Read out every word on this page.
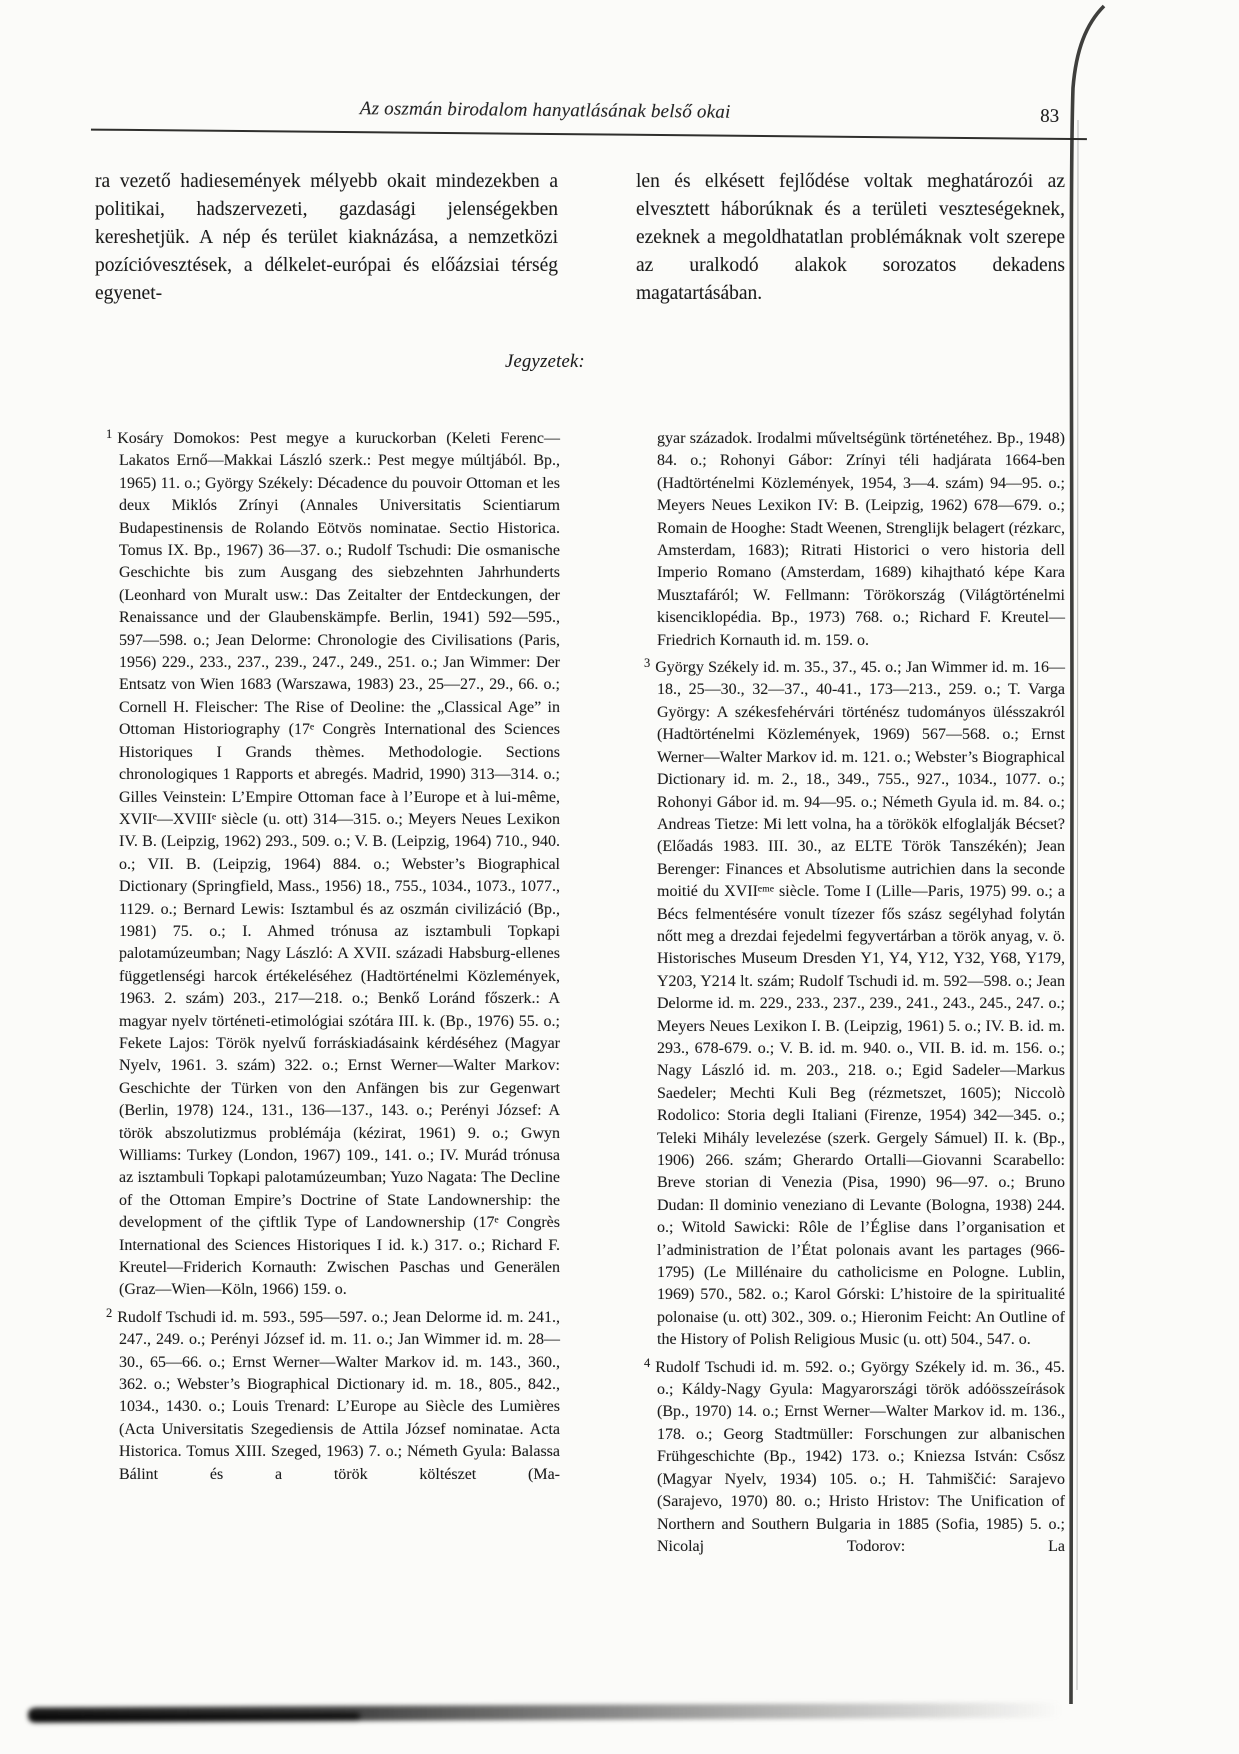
Az oszmán birodalom hanyatlásának belső okai	83

ra vezető hadiesemények mélyebb okait mindezekben a politikai, hadszervezeti, gazdasági jelenségekben kereshetjük. A nép és terület kiaknázása, a nemzetközi pozícióvesztések, a délkelet-európai és előázsiai térség egyenet-

len és elkésett fejlődése voltak meghatározói az elvesztett háborúknak és a területi veszteségeknek, ezeknek a megoldhatatlan problémáknak volt szerepe az uralkodó alakok sorozatos dekadens magatartásában.

Jegyzetek:

$^1$ Kosáry Domokos: Pest megye a kuruckorban (Keleti Ferenc—Lakatos Ernő—Makkai László szerk.: Pest megye múltjából. Bp., 1965) 11. o.; György Székely: Décadence du pouvoir Ottoman et les deux Miklós Zrínyi (Annales Universitatis Scientiarum Budapestinensis de Rolando Eötvös nominatae. Sectio Historica. Tomus IX. Bp., 1967) 36—37. o.; Rudolf Tschudi: Die osmanische Geschichte bis zum Ausgang des siebzehnten Jahrhunderts (Leonhard von Muralt usw.: Das Zeitalter der Entdeckungen, der Renaissance und der Glaubenskämpfe. Berlin, 1941) 592—595., 597—598. o.; Jean Delorme: Chronologie des Civilisations (Paris, 1956) 229., 233., 237., 239., 247., 249., 251. o.; Jan Wimmer: Der Entsatz von Wien 1683 (Warszawa, 1983) 23., 25—27., 29., 66. o.; Cornell H. Fleischer: The Rise of Deoline: the „Classical Age” in Ottoman Historiography (17ᵉ Congrès International des Sciences Historiques I Grands thèmes. Methodologie. Sections chronologiques 1 Rapports et abregés. Madrid, 1990) 313—314. o.; Gilles Veinstein: L’Empire Ottoman face à l’Europe et à lui-même, XVIIᵉ—XVIIIᵉ siècle (u. ott) 314—315. o.; Meyers Neues Lexikon IV. B. (Leipzig, 1962) 293., 509. o.; V. B. (Leipzig, 1964) 710., 940. o.; VII. B. (Leipzig, 1964) 884. o.; Webster’s Biographical Dictionary (Springfield, Mass., 1956) 18., 755., 1034., 1073., 1077., 1129. o.; Bernard Lewis: Isztambul és az oszmán civilizáció (Bp., 1981) 75. o.; I. Ahmed trónusa az isztambuli Topkapi palotamúzeumban; Nagy László: A XVII. századi Habsburg-ellenes függetlenségi harcok értékeléséhez (Hadtörténelmi Közlemények, 1963. 2. szám) 203., 217—218. o.; Benkő Loránd főszerk.: A magyar nyelv történeti-etimológiai szótára III. k. (Bp., 1976) 55. o.; Fekete Lajos: Török nyelvű forráskiadásaink kérdéséhez (Magyar Nyelv, 1961. 3. szám) 322. o.; Ernst Werner—Walter Markov: Geschichte der Türken von den Anfängen bis zur Gegenwart (Berlin, 1978) 124., 131., 136—137., 143. o.; Perényi József: A török abszolutizmus problémája (kézirat, 1961) 9. o.; Gwyn Williams: Turkey (London, 1967) 109., 141. o.; IV. Murád trónusa az isztambuli Topkapi palotamúzeumban; Yuzo Nagata: The Decline of the Ottoman Empire’s Doctrine of State Landownership: the development of the çiftlik Type of Landownership (17ᵉ Congrès International des Sciences Historiques I id. k.) 317. o.; Richard F. Kreutel—Friderich Kornauth: Zwischen Paschas und Generälen (Graz—Wien—Köln, 1966) 159. o.

$^2$ Rudolf Tschudi id. m. 593., 595—597. o.; Jean Delorme id. m. 241., 247., 249. o.; Perényi József id. m. 11. o.; Jan Wimmer id. m. 28—30., 65—66. o.; Ernst Werner—Walter Markov id. m. 143., 360., 362. o.; Webster’s Biographical Dictionary id. m. 18., 805., 842., 1034., 1430. o.; Louis Trenard: L’Europe au Siècle des Lumières (Acta Universitatis Szegediensis de Attila József nominatae. Acta Historica. Tomus XIII. Szeged, 1963) 7. o.; Németh Gyula: Balassa Bálint és a török költészet (Ma-

gyar századok. Irodalmi műveltségünk történetéhez. Bp., 1948) 84. o.; Rohonyi Gábor: Zrínyi téli hadjárata 1664-ben (Hadtörténelmi Közlemények, 1954, 3—4. szám) 94—95. o.; Meyers Neues Lexikon IV: B. (Leipzig, 1962) 678—679. o.; Romain de Hooghe: Stadt Weenen, Strenglijk belagert (rézkarc, Amsterdam, 1683); Ritrati Historici o vero historia dell Imperio Romano (Amsterdam, 1689) kihajtható képe Kara Musztafáról; W. Fellmann: Törökország (Világtörténelmi kisenciklopédia. Bp., 1973) 768. o.; Richard F. Kreutel—Friedrich Kornauth id. m. 159. o.

$^3$ György Székely id. m. 35., 37., 45. o.; Jan Wimmer id. m. 16—18., 25—30., 32—37., 40-41., 173—213., 259. o.; T. Varga György: A székesfehérvári történész tudományos ülésszakról (Hadtörténelmi Közlemények, 1969) 567—568. o.; Ernst Werner—Walter Markov id. m. 121. o.; Webster’s Biographical Dictionary id. m. 2., 18., 349., 755., 927., 1034., 1077. o.; Rohonyi Gábor id. m. 94—95. o.; Németh Gyula id. m. 84. o.; Andreas Tietze: Mi lett volna, ha a törökök elfoglalják Bécset? (Előadás 1983. III. 30., az ELTE Török Tanszékén); Jean Berenger: Finances et Absolutisme autrichien dans la seconde moitié du XVIIᵉᵐᵉ siècle. Tome I (Lille—Paris, 1975) 99. o.; a Bécs felmentésére vonult tízezer fős szász segélyhad folytán nőtt meg a drezdai fejedelmi fegyvertárban a török anyag, v. ö. Historisches Museum Dresden Y1, Y4, Y12, Y32, Y68, Y179, Y203, Y214 lt. szám; Rudolf Tschudi id. m. 592—598. o.; Jean Delorme id. m. 229., 233., 237., 239., 241., 243., 245., 247. o.; Meyers Neues Lexikon I. B. (Leipzig, 1961) 5. o.; IV. B. id. m. 293., 678-679. o.; V. B. id. m. 940. o., VII. B. id. m. 156. o.; Nagy László id. m. 203., 218. o.; Egid Sadeler—Markus Saedeler; Mechti Kuli Beg (rézmetszet, 1605); Niccolò Rodolico: Storia degli Italiani (Firenze, 1954) 342—345. o.; Teleki Mihály levelezése (szerk. Gergely Sámuel) II. k. (Bp., 1906) 266. szám; Gherardo Ortalli—Giovanni Scarabello: Breve storian di Venezia (Pisa, 1990) 96—97. o.; Bruno Dudan: Il dominio veneziano di Levante (Bologna, 1938) 244. o.; Witold Sawicki: Rôle de l’Église dans l’organisation et l’administration de l’État polonais avant les partages (966-1795) (Le Millénaire du catholicisme en Pologne. Lublin, 1969) 570., 582. o.; Karol Górski: L’histoire de la spiritualité polonaise (u. ott) 302., 309. o.; Hieronim Feicht: An Outline of the History of Polish Religious Music (u. ott) 504., 547. o.

$^4$ Rudolf Tschudi id. m. 592. o.; György Székely id. m. 36., 45. o.; Káldy-Nagy Gyula: Magyarországi török adóösszeírások (Bp., 1970) 14. o.; Ernst Werner—Walter Markov id. m. 136., 178. o.; Georg Stadtmüller: Forschungen zur albanischen Frühgeschichte (Bp., 1942) 173. o.; Kniezsa István: Csősz (Magyar Nyelv, 1934) 105. o.; H. Tahmiščić: Sarajevo (Sarajevo, 1970) 80. o.; Hristo Hristov: The Unification of Northern and Southern Bulgaria in 1885 (Sofia, 1985) 5. o.; Nicolaj Todorov: La
